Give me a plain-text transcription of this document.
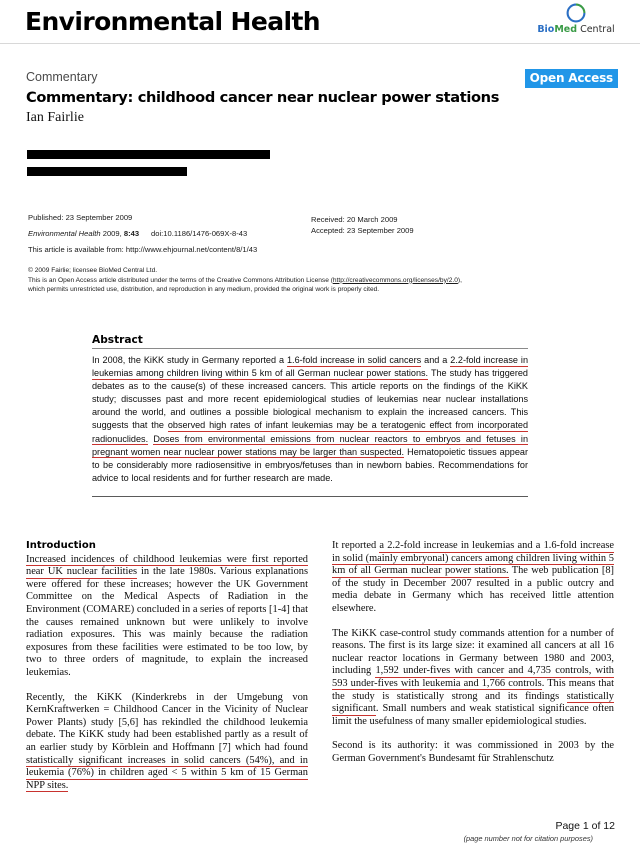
Environmental Health	BioMed Central
Commentary	Open Access
Commentary: childhood cancer near nuclear power stations
Ian Fairlie
Published: 23 September 2009
Environmental Health 2009, 8:43 doi:10.1186/1476-069X-8-43
This article is available from: http://www.ehjournal.net/content/8/1/43
Received: 20 March 2009
Accepted: 23 September 2009
© 2009 Fairlie; licensee BioMed Central Ltd.
This is an Open Access article distributed under the terms of the Creative Commons Attribution License (http://creativecommons.org/licenses/by/2.0),
which permits unrestricted use, distribution, and reproduction in any medium, provided the original work is properly cited.
Abstract
In 2008, the KiKK study in Germany reported a 1.6-fold increase in solid cancers and a 2.2-fold increase in leukemias among children living within 5 km of all German nuclear power stations. The study has triggered debates as to the cause(s) of these increased cancers. This article reports on the findings of the KiKK study; discusses past and more recent epidemiological studies of leukemias near nuclear installations around the world, and outlines a possible biological mechanism to explain the increased cancers. This suggests that the observed high rates of infant leukemias may be a teratogenic effect from incorporated radionuclides. Doses from environmental emissions from nuclear reactors to embryos and fetuses in pregnant women near nuclear power stations may be larger than suspected. Hematopoietic tissues appear to be considerably more radiosensitive in embryos/fetuses than in newborn babies. Recommendations for advice to local residents and for further research are made.
Introduction

Increased incidences of childhood leukemias were first reported near UK nuclear facilities in the late 1980s. Various explanations were offered for these increases; however the UK Government Committee on the Medical Aspects of Radiation in the Environment (COMARE) concluded in a series of reports [1-4] that the causes remained unknown but were unlikely to involve radiation exposures. This was mainly because the radiation exposures from these facilities were estimated to be too low, by two to three orders of magnitude, to explain the increased leukemias.

Recently, the KiKK (Kinderkrebs in der Umgebung von KernKraftwerken = Childhood Cancer in the Vicinity of Nuclear Power Plants) study [5,6] has rekindled the childhood leukemia debate. The KiKK study had been established partly as a result of an earlier study by Körblein and Hoffmann [7] which had found statistically significant increases in solid cancers (54%), and in leukemia (76%) in children aged < 5 within 5 km of 15 German NPP sites.

It reported a 2.2-fold increase in leukemias and a 1.6-fold increase in solid (mainly embryonal) cancers among children living within 5 km of all German nuclear power stations. The web publication [8] of the study in December 2007 resulted in a public outcry and media debate in Germany which has received little attention elsewhere.

The KiKK case-control study commands attention for a number of reasons. The first is its large size: it examined all cancers at all 16 nuclear reactor locations in Germany between 1980 and 2003, including 1,592 under-fives with cancer and 4,735 controls, with 593 under-fives with leukemia and 1,766 controls. This means that the study is statistically strong and its findings statistically significant. Small numbers and weak statistical significance often limit the usefulness of many smaller epidemiological studies.

Second is its authority: it was commissioned in 2003 by the German Government's Bundesamt für Strahlenschutz

Page 1 of 12
(page number not for citation purposes)
